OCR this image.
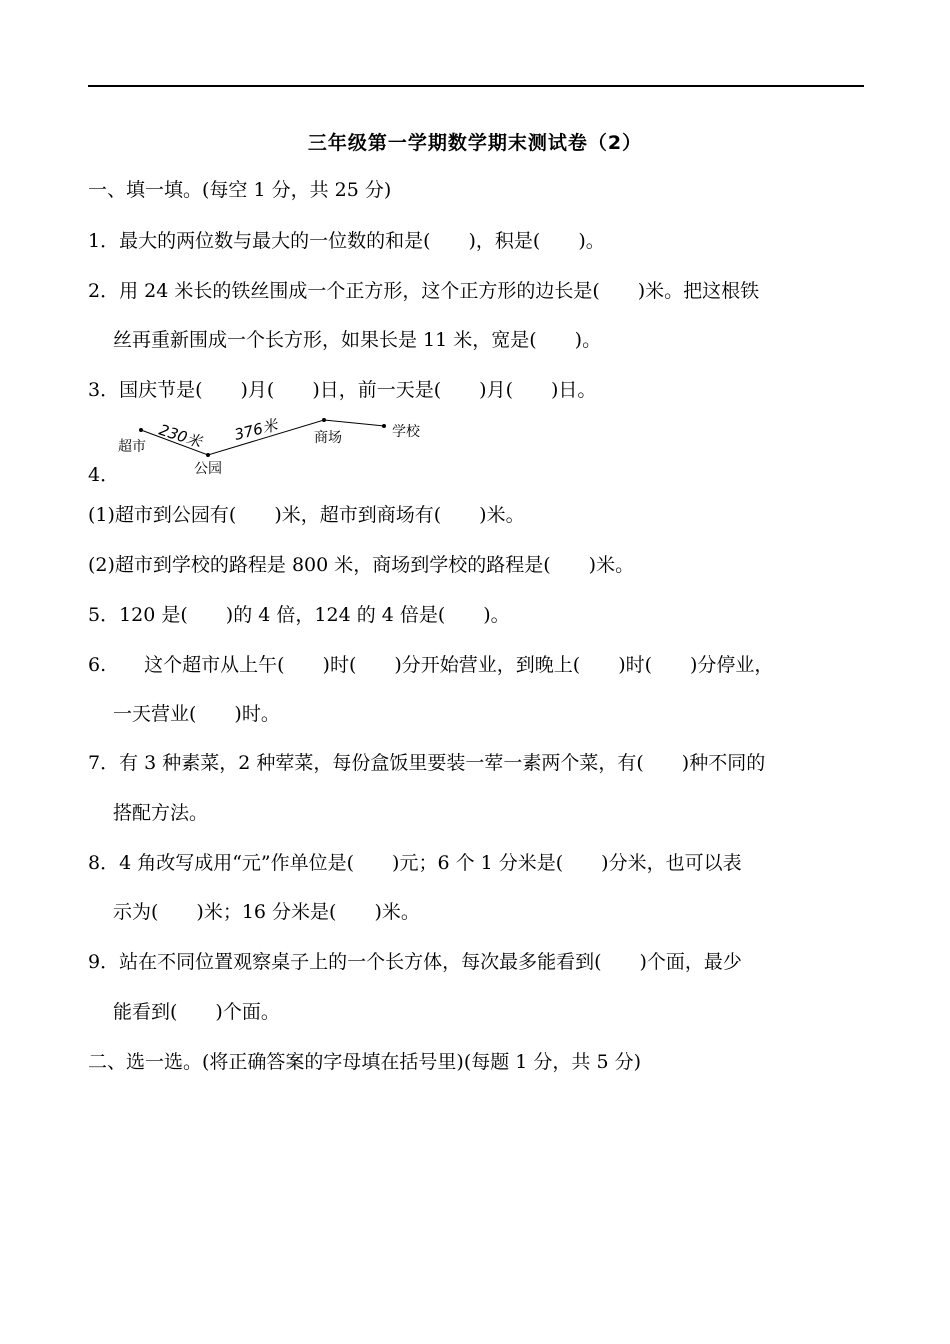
三年级第一学期数学期末测试卷（2）
一、填一填。(每空 1 分，共 25 分)
1．最大的两位数与最大的一位数的和是(　　)，积是(　　)。
2．用 24 米长的铁丝围成一个正方形，这个正方形的边长是(　　)米。把这根铁
丝再重新围成一个长方形，如果长是 11 米，宽是(　　)。
3．国庆节是(　　)月(　　)日，前一天是(　　)月(　　)日。
超市
公园
商场	学校
230米 376米
4．
(1)超市到公园有(　　)米，超市到商场有(　　)米。
(2)超市到学校的路程是 800 米，商场到学校的路程是(　　)米。
5．120 是(　　)的 4 倍，124 的 4 倍是(　　)。
6.　　这个超市从上午(　　)时(　　)分开始营业，到晚上(　　)时(　　)分停业，
一天营业(　　)时。
7．有 3 种素菜，2 种荤菜，每份盒饭里要装一荤一素两个菜，有(　　)种不同的
搭配方法。
8．4 角改写成用“元”作单位是(　　)元；6 个 1 分米是(　　)分米，也可以表
示为(　　)米；16 分米是(　　)米。
9．站在不同位置观察桌子上的一个长方体，每次最多能看到(　　)个面，最少
能看到(　　)个面。
二、选一选。(将正确答案的字母填在括号里)(每题 1 分，共 5 分)
